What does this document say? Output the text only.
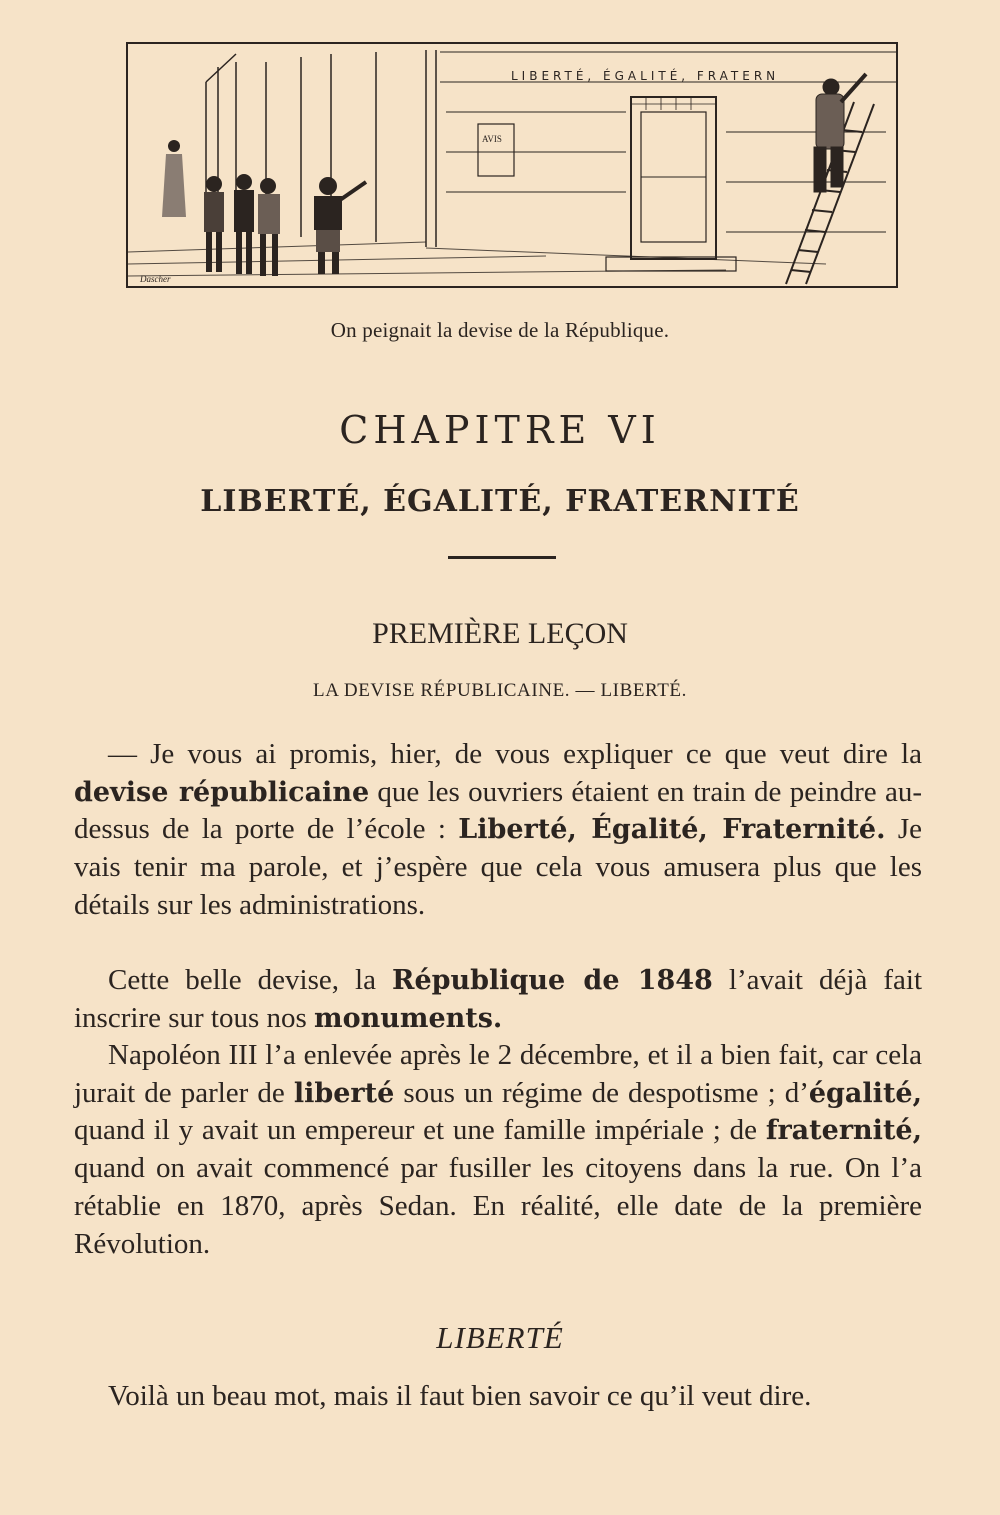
AVIS
LIBERTÉ, ÉGALITÉ, FRATERN
Dascher
On peignait la devise de la République.
CHAPITRE VI
LIBERTÉ, ÉGALITÉ, FRATERNITÉ
PREMIÈRE LEÇON
LA DEVISE RÉPUBLICAINE. — LIBERTÉ.
— Je vous ai promis, hier, de vous expliquer ce que veut dire la devise républicaine que les ouvriers étaient en train de peindre au-dessus de la porte de l’école : Liberté, Égalité, Fraternité. Je vais tenir ma parole, et j’espère que cela vous amusera plus que les détails sur les administrations.
Cette belle devise, la République de 1848 l’avait déjà fait inscrire sur tous nos monuments.
Napoléon III l’a enlevée après le 2 décembre, et il a bien fait, car cela jurait de parler de liberté sous un régime de despotisme ; d’égalité, quand il y avait un empereur et une famille impériale ; de fraternité, quand on avait commencé par fusiller les citoyens dans la rue. On l’a rétablie en 1870, après Sedan. En réalité, elle date de la première Révolution.
LIBERTÉ
Voilà un beau mot, mais il faut bien savoir ce qu’il veut dire.
